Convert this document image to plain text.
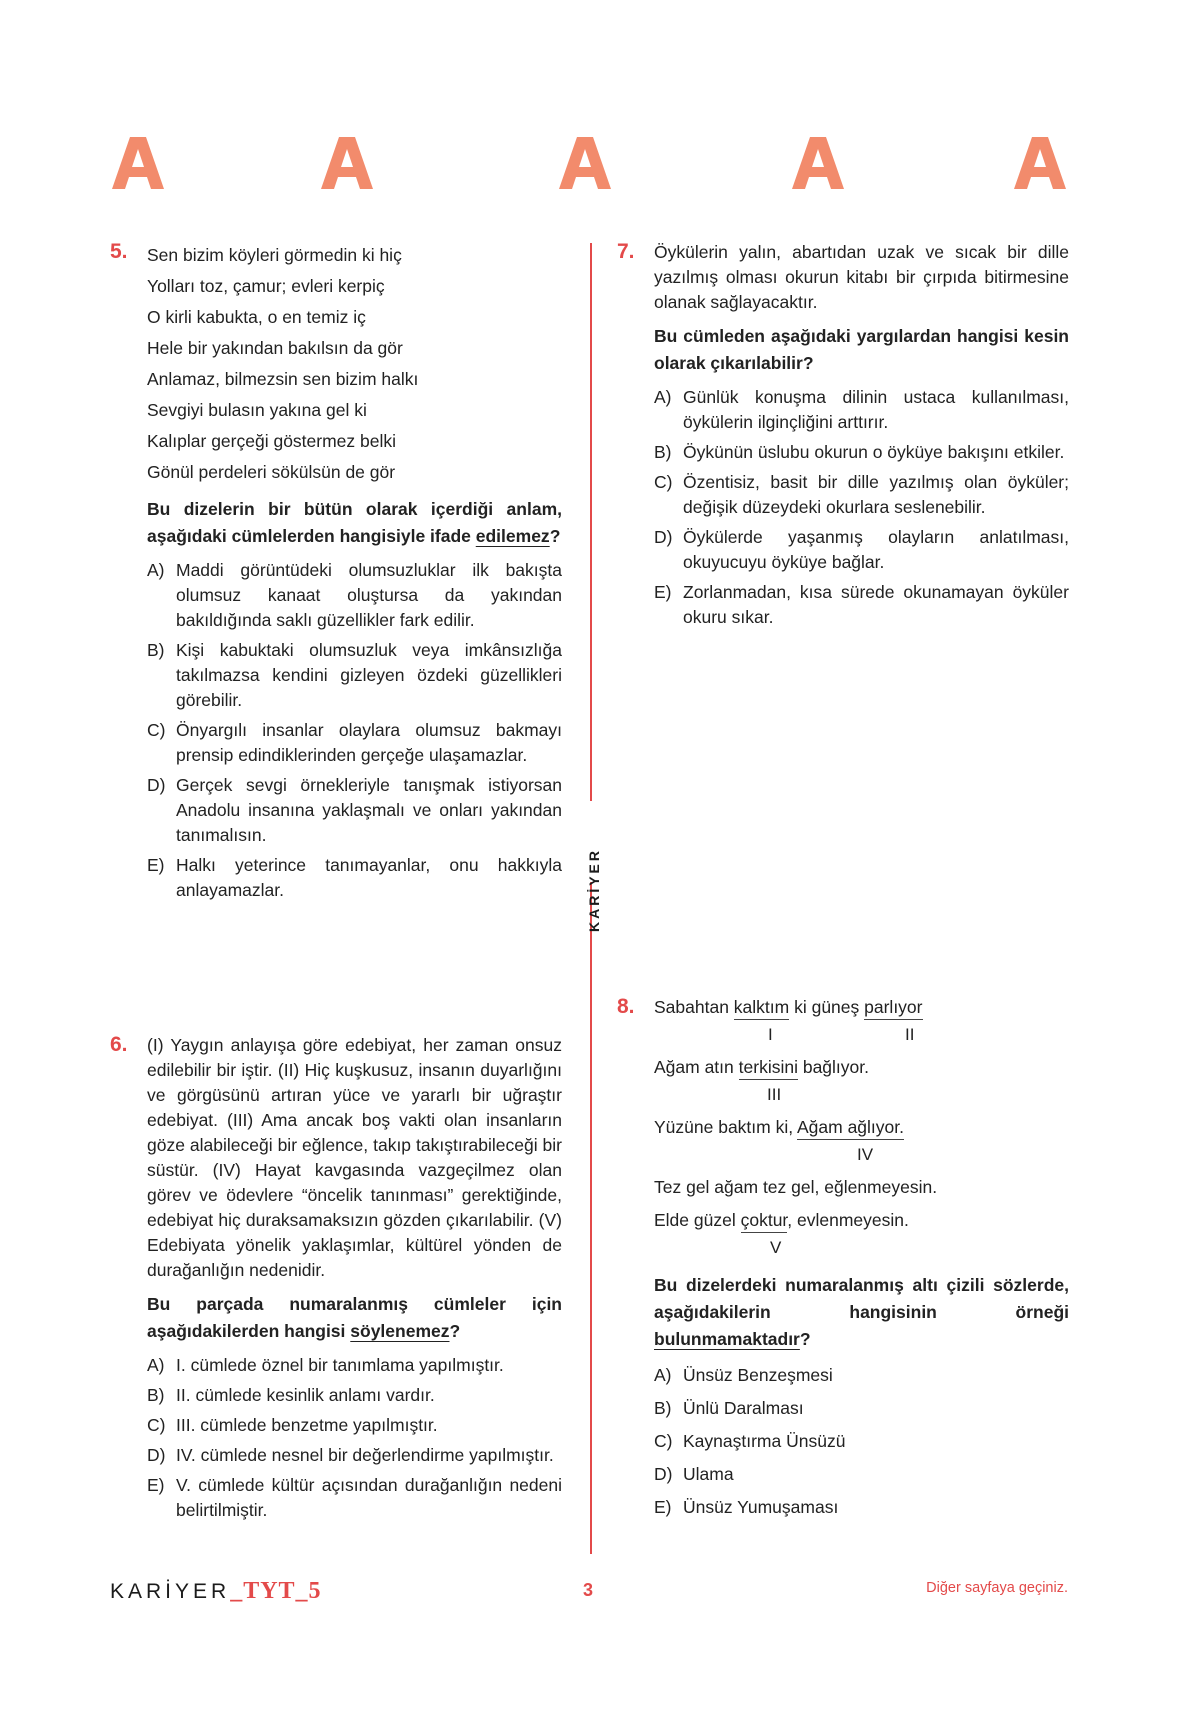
KARİYER
5. Sen bizim köyleri görmedin ki hiç
Yolları toz, çamur; evleri kerpiç
O kirli kabukta, o en temiz iç
Hele bir yakından bakılsın da gör
Anlamaz, bilmezsin sen bizim halkı
Sevgiyi bulasın yakına gel ki
Kalıplar gerçeği göstermez belki
Gönül perdeleri sökülsün de gör
Bu dizelerin bir bütün olarak içerdiği anlam, aşağıdaki cümlelerden hangisiyle ifade edilemez?
A) Maddi görüntüdeki olumsuzluklar ilk bakışta olumsuz kanaat oluştursa da yakından bakıldığında saklı güzellikler fark edilir.
B) Kişi kabuktaki olumsuzluk veya imkânsızlığa takılmazsa kendini gizleyen özdeki güzellikleri görebilir.
C) Önyargılı insanlar olaylara olumsuz bakmayı prensip edindiklerinden gerçeğe ulaşamazlar.
D) Gerçek sevgi örnekleriyle tanışmak istiyorsan Anadolu insanına yaklaşmalı ve onları yakından tanımalısın.
E) Halkı yeterince tanımayanlar, onu hakkıyla anlayamazlar.
6. (I) Yaygın anlayışa göre edebiyat, her zaman onsuz edilebilir bir iştir. (II) Hiç kuşkusuz, insanın duyarlığını ve görgüsünü artıran yüce ve yararlı bir uğraştır edebiyat. (III) Ama ancak boş vakti olan insanların göze alabileceği bir eğlence, takıp takıştırabileceği bir süstür. (IV) Hayat kavgasında vazgeçilmez olan görev ve ödevlere “öncelik tanınması” gerektiğinde, edebiyat hiç duraksamaksızın gözden çıkarılabilir. (V) Edebiyata yönelik yaklaşımlar, kültürel yönden de durağanlığın nedenidir.
Bu parçada numaralanmış cümleler için aşağıdakilerden hangisi söylenemez?
A) I. cümlede öznel bir tanımlama yapılmıştır.
B) II. cümlede kesinlik anlamı vardır.
C) III. cümlede benzetme yapılmıştır.
D) IV. cümlede nesnel bir değerlendirme yapılmıştır.
E) V. cümlede kültür açısından durağanlığın nedeni belirtilmiştir.
7. Öykülerin yalın, abartıdan uzak ve sıcak bir dille yazılmış olması okurun kitabı bir çırpıda bitirmesine olanak sağlayacaktır.
Bu cümleden aşağıdaki yargılardan hangisi kesin olarak çıkarılabilir?
A) Günlük konuşma dilinin ustaca kullanılması, öykülerin ilginçliğini arttırır.
B) Öykünün üslubu okurun o öyküye bakışını etkiler.
C) Özentisiz, basit bir dille yazılmış olan öyküler; değişik düzeydeki okurlara seslenebilir.
D) Öykülerde yaşanmış olayların anlatılması, okuyucuyu öyküye bağlar.
E) Zorlanmadan, kısa sürede okunamayan öyküler okuru sıkar.
8. Sabahtan kalktım ki güneş parlıyor
I	II
Ağam atın terkisini bağlıyor.
III
Yüzüne baktım ki, Ağam ağlıyor.
IV
Tez gel ağam tez gel, eğlenmeyesin.
Elde güzel çoktur, evlenmeyesin.
V
Bu dizelerdeki numaralanmış altı çizili sözlerde, aşağıdakilerin hangisinin örneği bulunmamaktadır?
A) Ünsüz Benzeşmesi
B) Ünlü Daralması
C) Kaynaştırma Ünsüzü
D) Ulama
E) Ünsüz Yumuşaması
KARİYER_TYT_5	3	Diğer sayfaya geçiniz.
